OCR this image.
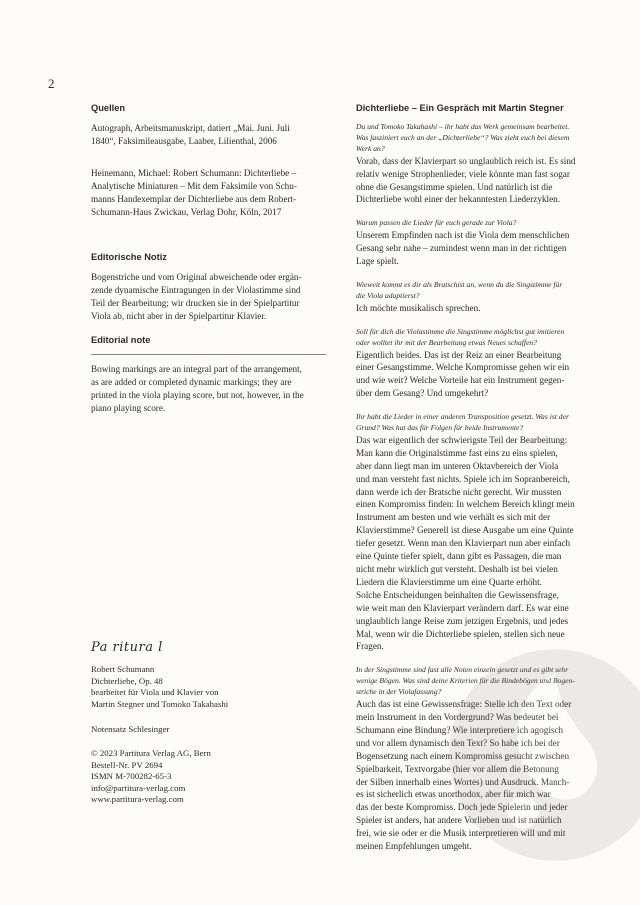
2
Quellen

Autograph, Arbeitsmanuskript, datiert „Mai. Juni. Juli

1840“, Faksimileausgabe, Laaber, Lilienthal, 2006

Heinemann, Michael: Robert Schumann: Dichterliebe –

Analytische Miniaturen – Mit dem Faksimile von Schu-

manns Handexemplar der Dichterliebe aus dem Robert-

Schumann-Haus Zwickau, Verlag Dohr, Köln, 2017

Editorische Notiz

Bogenstriche und vom Original abweichende oder ergän-

zende dynamische Eintragungen in der Violastimme sind

Teil der Bearbeitung; wir drucken sie in der Spielpartitur

Viola ab, nicht aber in der Spielpartitur Klavier.

Editorial note

Bowing markings are an integral part of the arrangement,

as are added or completed dynamic markings; they are

printed in the viola playing score, but not, however, in the

piano playing score.

Pa ritura l

Robert Schumann

Dichterliebe, Op. 48

bearbeitet für Viola und Klavier von

Martin Stegner und Tomoko Takahashi

Notensatz Schlesinger

© 2023 Partitura Verlag AG, Bern

Bestell-Nr. PV 2694

ISMN M-700282-65-3

info@partitura-verlag.com

www.partitura-verlag.com

Dichterliebe – Ein Gespräch mit Martin Stegner

Du und Tomoko Takahashi – ihr habt das Werk gemeinsam bearbeitet.

Was fasziniert euch an der „Dichterliebe“? Was zieht euch bei diesem

Werk an?

Vorab, dass der Klavierpart so unglaublich reich ist. Es sind

relativ wenige Strophenlieder, viele könnte man fast sogar

ohne die Gesangstimme spielen. Und natürlich ist die

Dichterliebe wohl einer der bekanntesten Liederzyklen.

Warum passen die Lieder für euch gerade zur Viola?

Unserem Empfinden nach ist die Viola dem menschlichen

Gesang sehr nahe – zumindest wenn man in der richtigen

Lage spielt.

Wieweit kommt es dir als Bratschist an, wenn du die Singstimme für

die Viola adaptierst?

Ich möchte musikalisch sprechen.

Soll für dich die Violastimme die Singstimme möglichst gut imitieren

oder wolltet ihr mit der Bearbeitung etwas Neues schaffen?

Eigentlich beides. Das ist der Reiz an einer Bearbeitung

einer Gesangstimme. Welche Kompromisse gehen wir ein

und wie weit? Welche Vorteile hat ein Instrument gegen-

über dem Gesang? Und umgekehrt?

Ihr habt die Lieder in einer anderen Transposition gesetzt. Was ist der

Grund? Was hat das für Folgen für beide Instrumente?

Das war eigentlich der schwierigste Teil der Bearbeitung:

Man kann die Originalstimme fast eins zu eins spielen,

aber dann liegt man im unteren Oktavbereich der Viola

und man versteht fast nichts. Spiele ich im Sopranbereich,

dann werde ich der Bratsche nicht gerecht. Wir mussten

einen Kompromiss finden: In welchem Bereich klingt mein

Instrument am besten und wie verhält es sich mit der

Klavierstimme? Generell ist diese Ausgabe um eine Quinte

tiefer gesetzt. Wenn man den Klavierpart nun aber einfach

eine Quinte tiefer spielt, dann gibt es Passagen, die man

nicht mehr wirklich gut versteht. Deshalb ist bei vielen

Liedern die Klavierstimme um eine Quarte erhöht.

Solche Entscheidungen beinhalten die Gewissensfrage,

wie weit man den Klavierpart verändern darf. Es war eine

unglaublich lange Reise zum jetzigen Ergebnis, und jedes

Mal, wenn wir die Dichterliebe spielen, stellen sich neue

Fragen.

In der Singstimme sind fast alle Noten einzeln gesetzt und es gibt sehr

wenige Bögen. Was sind deine Kriterien für die Bindebögen und Bogen-

striche in der Violafassung?

Auch das ist eine Gewissensfrage: Stelle ich den Text oder

mein Instrument in den Vordergrund? Was bedeutet bei

Schumann eine Bindung? Wie interpretiere ich agogisch

und vor allem dynamisch den Text? So habe ich bei der

Bogensetzung nach einem Kompromiss gesucht zwischen

Spielbarkeit, Textvorgabe (hier vor allem die Betonung

der Silben innerhalb eines Wortes) und Ausdruck. Manch-

es ist sicherlich etwas unorthodox, aber für mich war

das der beste Kompromiss. Doch jede Spielerin und jeder

Spieler ist anders, hat andere Vorlieben und ist natürlich

frei, wie sie oder er die Musik interpretieren will und mit

meinen Empfehlungen umgeht.
